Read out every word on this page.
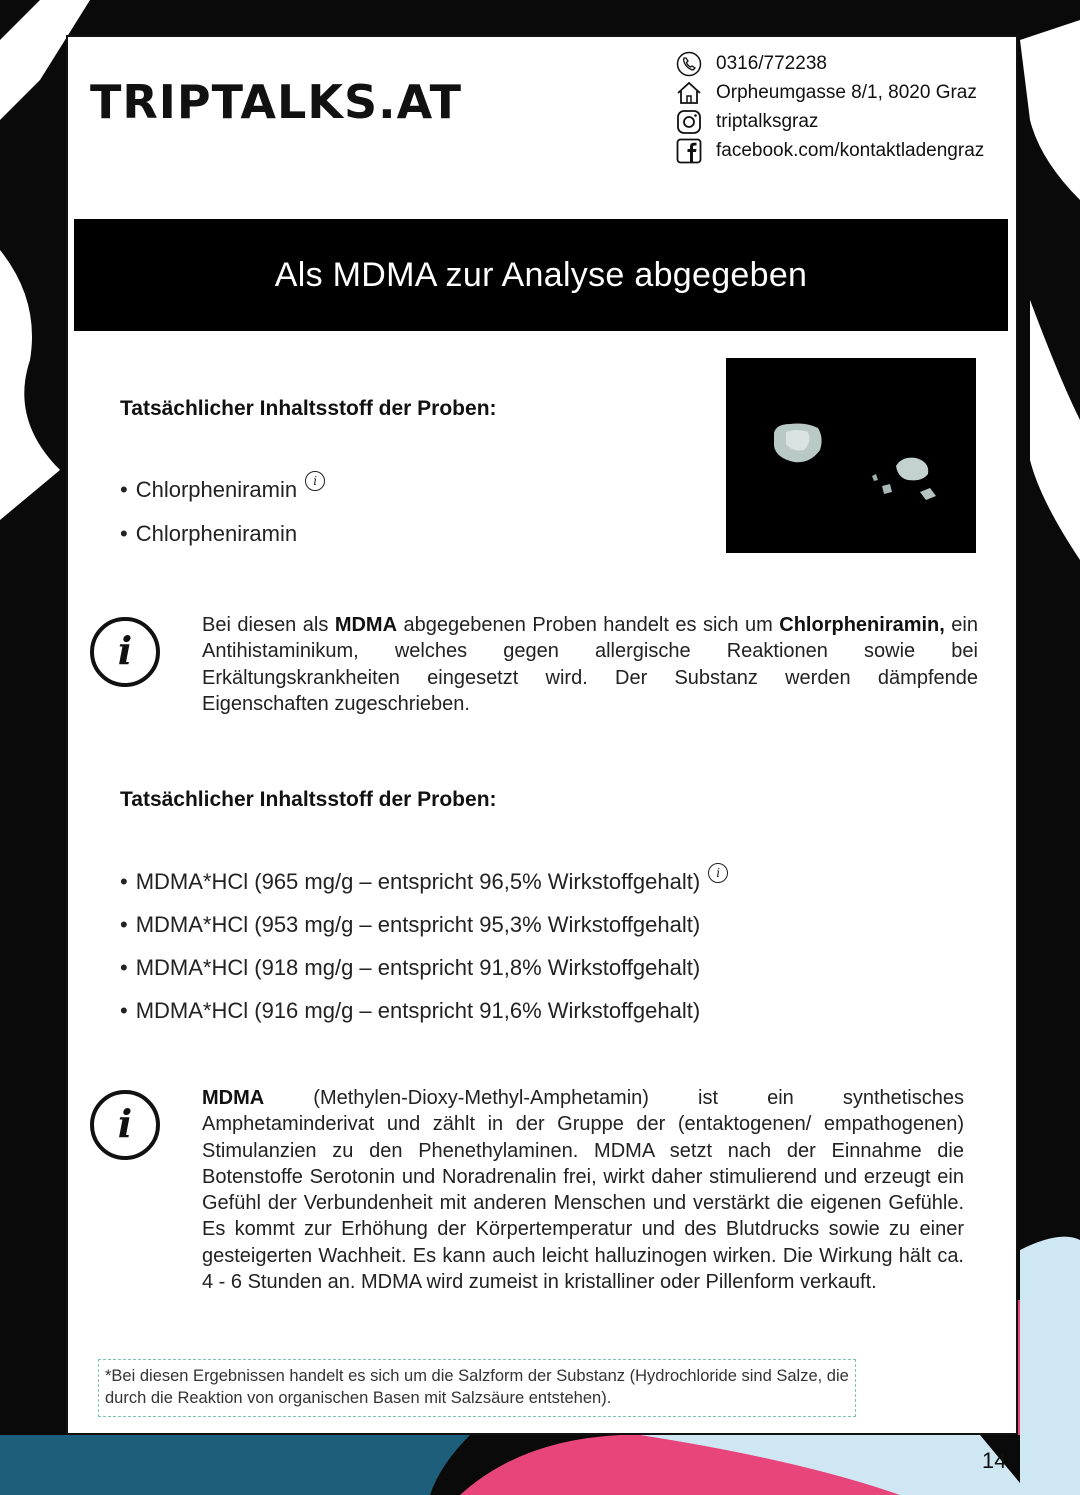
TRIPTALKS.AT
0316/772238
Orpheumgasse 8/1, 8020 Graz
triptalksgraz
facebook.com/kontaktladengraz
Als MDMA zur Analyse abgegeben
Tatsächlicher Inhaltsstoff der Proben:
• Chlorpheniramin i
• Chlorpheniramin
i
Bei diesen als MDMA abgegebenen Proben handelt es sich um Chlorpheniramin, ein Antihistaminikum, welches gegen allergische Reaktionen sowie bei Erkältungskrankheiten eingesetzt wird. Der Substanz werden dämpfende Eigenschaften zugeschrieben.
Tatsächlicher Inhaltsstoff der Proben:
• MDMA*HCl (965 mg/g – entspricht 96,5% Wirkstoffgehalt) i
• MDMA*HCl (953 mg/g – entspricht 95,3% Wirkstoffgehalt)
• MDMA*HCl (918 mg/g – entspricht 91,8% Wirkstoffgehalt)
• MDMA*HCl (916 mg/g – entspricht 91,6% Wirkstoffgehalt)
i
MDMA (Methylen-Dioxy-Methyl-Amphetamin) ist ein synthetisches Amphetaminderivat und zählt in der Gruppe der (entaktogenen/ empathogenen) Stimulanzien zu den Phenethylaminen. MDMA setzt nach der Einnahme die Botenstoffe Serotonin und Noradrenalin frei, wirkt daher stimulierend und erzeugt ein Gefühl der Verbundenheit mit anderen Menschen und verstärkt die eigenen Gefühle. Es kommt zur Erhöhung der Körpertemperatur und des Blutdrucks sowie zu einer gesteigerten Wachheit. Es kann auch leicht halluzinogen wirken. Die Wirkung hält ca. 4 - 6 Stunden an. MDMA wird zumeist in kristalliner oder Pillenform verkauft.
*Bei diesen Ergebnissen handelt es sich um die Salzform der Substanz (Hydrochloride sind Salze, die durch die Reaktion von organischen Basen mit Salzsäure entstehen).
14
